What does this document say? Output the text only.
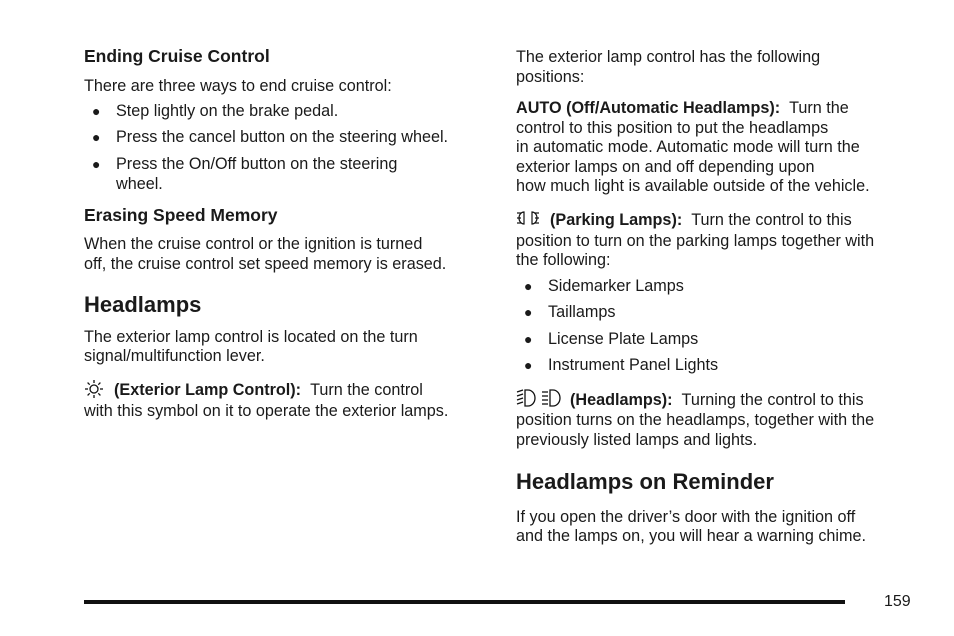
Ending Cruise Control
There are three ways to end cruise control:
● Step lightly on the brake pedal.
● Press the cancel button on the steering wheel.
● Press the On/Off button on the steering
wheel.
Erasing Speed Memory
When the cruise control or the ignition is turned
off, the cruise control set speed memory is erased.
Headlamps
The exterior lamp control is located on the turn
signal/multifunction lever.
(Exterior Lamp Control): Turn the control
with this symbol on it to operate the exterior lamps.
The exterior lamp control has the following
positions:
AUTO (Off/Automatic Headlamps): Turn the
control to this position to put the headlamps
in automatic mode. Automatic mode will turn the
exterior lamps on and off depending upon
how much light is available outside of the vehicle.
(Parking Lamps): Turn the control to this
position to turn on the parking lamps together with
the following:
● Sidemarker Lamps
● Taillamps
● License Plate Lamps
● Instrument Panel Lights
(Headlamps): Turning the control to this
position turns on the headlamps, together with the
previously listed lamps and lights.
Headlamps on Reminder
If you open the driver’s door with the ignition off
and the lamps on, you will hear a warning chime.
159
